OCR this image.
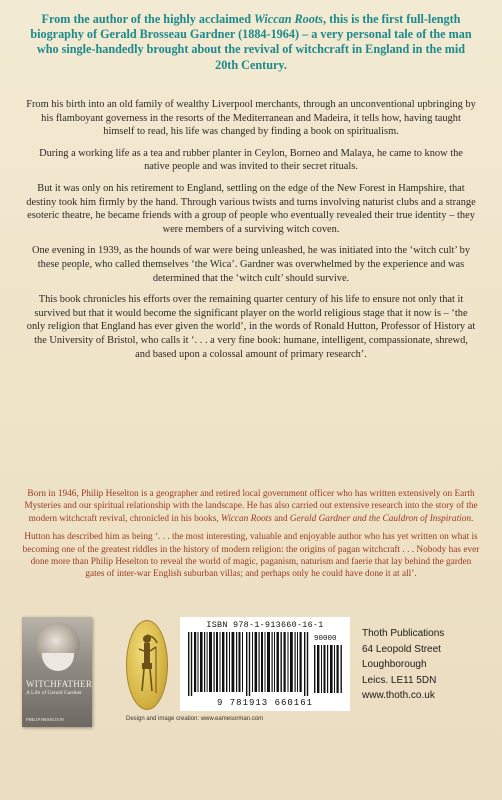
From the author of the highly acclaimed Wiccan Roots, this is the first full-length biography of Gerald Brosseau Gardner (1884-1964) – a very personal tale of the man who single-handedly brought about the revival of witchcraft in England in the mid 20th Century.

From his birth into an old family of wealthy Liverpool merchants, through an unconventional upbringing by his flamboyant governess in the resorts of the Mediterranean and Madeira, it tells how, having taught himself to read, his life was changed by finding a book on spiritualism.

During a working life as a tea and rubber planter in Ceylon, Borneo and Malaya, he came to know the native people and was invited to their secret rituals.

But it was only on his retirement to England, settling on the edge of the New Forest in Hampshire, that destiny took him firmly by the hand. Through various twists and turns involving naturist clubs and a strange esoteric theatre, he became friends with a group of people who eventually revealed their true identity – they were members of a surviving witch coven.

One evening in 1939, as the hounds of war were being unleashed, he was initiated into the ‘witch cult’ by these people, who called themselves ‘the Wica’. Gardner was overwhelmed by the experience and was determined that the ‘witch cult’ should survive.

This book chronicles his efforts over the remaining quarter century of his life to ensure not only that it survived but that it would become the significant player on the world religious stage that it now is – ‘the only religion that England has ever given the world’, in the words of Ronald Hutton, Professor of History at the University of Bristol, who calls it ‘. . . a very fine book: humane, intelligent, compassionate, shrewd, and based upon a colossal amount of primary research’.

Born in 1946, Philip Heselton is a geographer and retired local government officer who has written extensively on Earth Mysteries and our spiritual relationship with the landscape. He has also carried out extensive research into the story of the modern witchcraft revival, chronicled in his books, Wiccan Roots and Gerald Gardner and the Cauldron of Inspiration.

Hutton has described him as being ‘. . . the most interesting, valuable and enjoyable author who has yet written on what is becoming one of the greatest riddles in the history of modern religion: the origins of pagan witchcraft . . . Nobody has ever done more than Philip Heselton to reveal the world of magic, paganism, naturism and faerie that lay behind the garden gates of inter-war English suburban villas; and perhaps only he could have done it at all’.

WITCHFATHER
A Life of Gerald Gardner
PHILIP HESELTON
ISBN 978-1-913660-16-1
90000
9 781913 660161
Thoth Publications
64 Leopold Street
Loughborough
Leics. LE11 5DN
www.thoth.co.uk
Design and image creation: www.eamesorman.com
